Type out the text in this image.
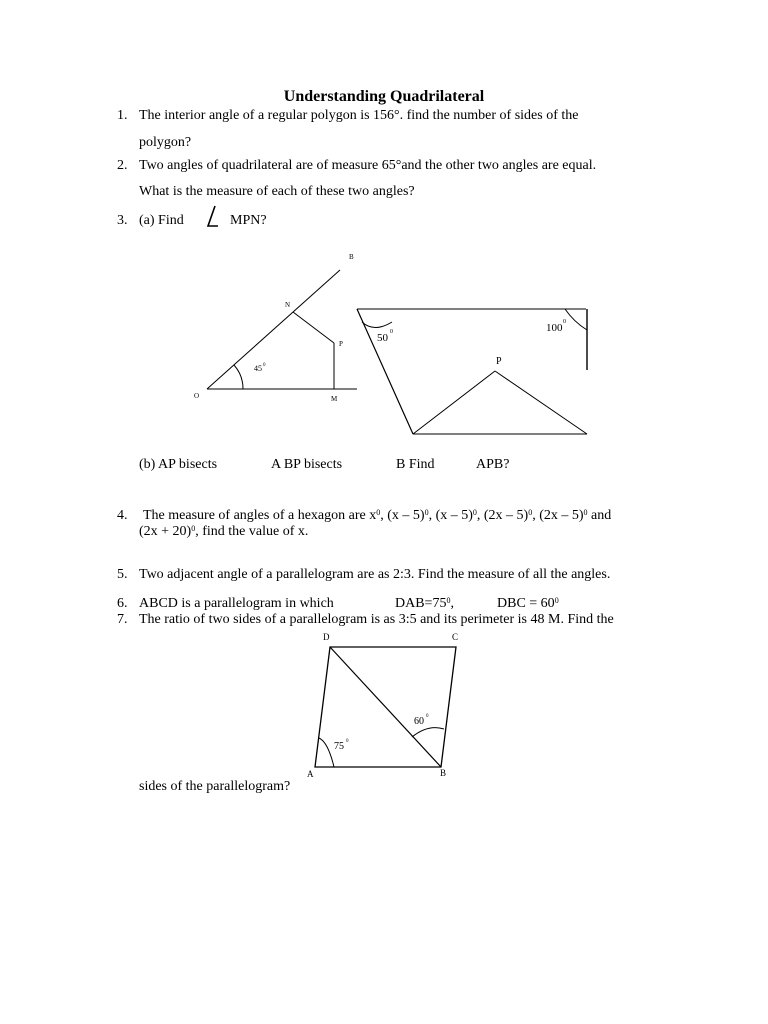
Understanding Quadrilateral
1. The interior angle of a regular polygon is 156°. find the number of sides of the
polygon?
2. Two angles of quadrilateral are of measure 65°and the other two angles are equal.
What is the measure of each of these two angles?
3. (a) Find	MPN?
B
N
P
O	M
45 0
50 0	100 0
P
(b) AP bisects	A BP bisects	B Find	APB?
4. The measure of angles of a hexagon are $x^0$, (x – 5)$^0$, (x – 5)$^0$, (2x – 5)$^0$, (2x – 5)$^0$ and
$(2x + 20)^0$, find the value of x.
5. Two adjacent angle of a parallelogram are as 2:3. Find the measure of all the angles.
6. ABCD is a parallelogram in which	$DAB=75^0$,	DBC = $60^0$
7. The ratio of two sides of a parallelogram is as 3:5 and its perimeter is 48 M. Find the
D	C
A	B
75 0
60 0
sides of the parallelogram?
